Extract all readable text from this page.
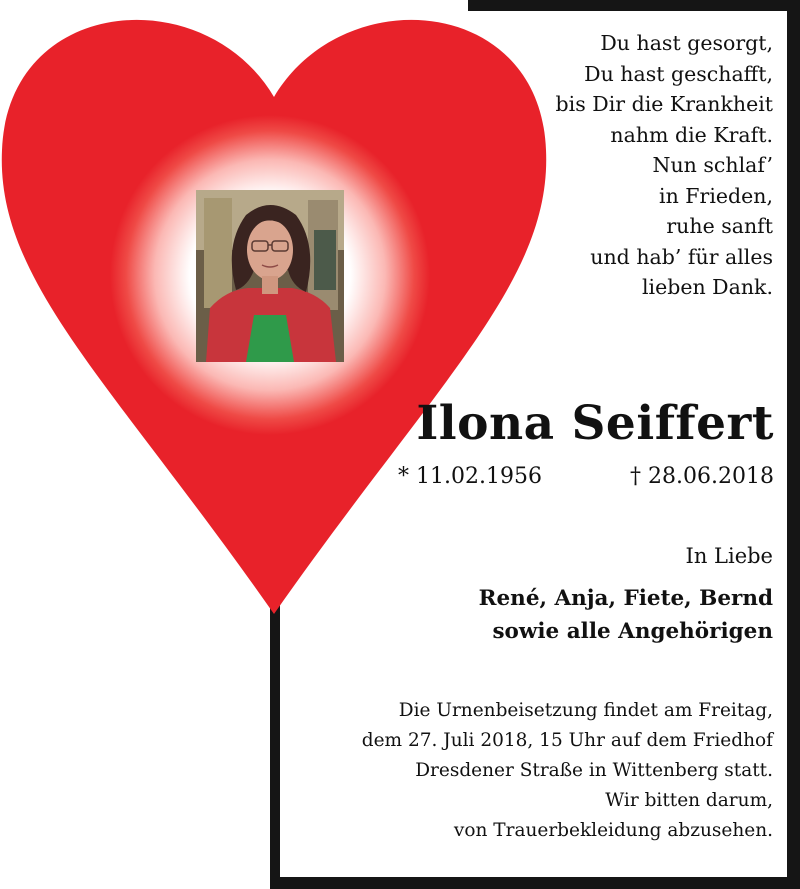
Du hast gesorgt,
Du hast geschafft,
bis Dir die Krankheit
nahm die Kraft.
Nun schlaf’
in Frieden,
ruhe sanft
und hab’ für alles
lieben Dank.
Ilona Seiffert
* 11.02.1956	† 28.06.2018
In Liebe
René, Anja, Fiete, Bernd
sowie alle Angehörigen
Die Urnenbeisetzung findet am Freitag,
dem 27. Juli 2018, 15 Uhr auf dem Friedhof
Dresdener Straße in Wittenberg statt.
Wir bitten darum,
von Trauerbekleidung abzusehen.
